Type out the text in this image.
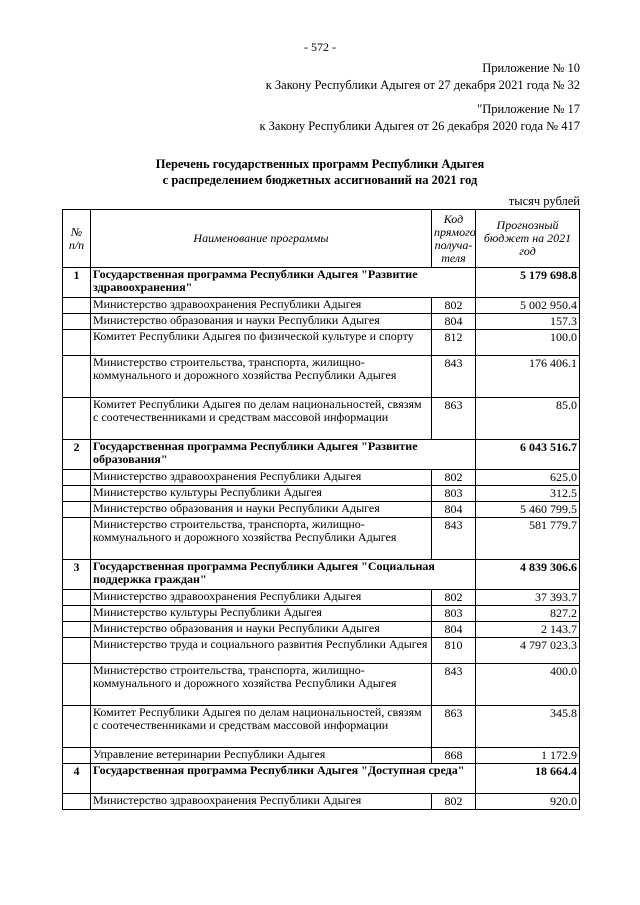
- 572 -
Приложение № 10
к Закону Республики Адыгея от 27 декабря 2021 года № 32
"Приложение № 17
к Закону Республики Адыгея от 26 декабря 2020 года № 417
Перечень государственных программ Республики Адыгея
с распределением бюджетных ассигнований на 2021 год
тысяч рублей
№ п/п	Наименование программы	Код прямого получа-теля	Прогнозный бюджет на 2021 год
1	Государственная программа Республики Адыгея "Развитие здравоохранения"		5 179 698.8
	Министерство здравоохранения Республики Адыгея	802	5 002 950.4
	Министерство образования и науки Республики Адыгея	804	157.3
	Комитет Республики Адыгея по физической культуре и спорту	812	100.0
	Министерство строительства, транспорта, жилищно-коммунального и дорожного хозяйства Республики Адыгея	843	176 406.1
	Комитет Республики Адыгея по делам национальностей, связям с соотечественниками и средствам массовой информации	863	85.0
2	Государственная программа Республики Адыгея "Развитие образования"		6 043 516.7
	Министерство здравоохранения Республики Адыгея	802	625.0
	Министерство культуры Республики Адыгея	803	312.5
	Министерство образования и науки Республики Адыгея	804	5 460 799.5
	Министерство строительства, транспорта, жилищно-коммунального и дорожного хозяйства Республики Адыгея	843	581 779.7
3	Государственная программа Республики Адыгея "Социальная поддержка граждан"		4 839 306.6
	Министерство здравоохранения Республики Адыгея	802	37 393.7
	Министерство культуры Республики Адыгея	803	827.2
	Министерство образования и науки Республики Адыгея	804	2 143.7
	Министерство труда и социального развития Республики Адыгея	810	4 797 023.3
	Министерство строительства, транспорта, жилищно-коммунального и дорожного хозяйства Республики Адыгея	843	400.0
	Комитет Республики Адыгея по делам национальностей, связям с соотечественниками и средствам массовой информации	863	345.8
	Управление ветеринарии Республики Адыгея	868	1 172.9
4	Государственная программа Республики Адыгея "Доступная среда"		18 664.4
	Министерство здравоохранения Республики Адыгея	802	920.0
